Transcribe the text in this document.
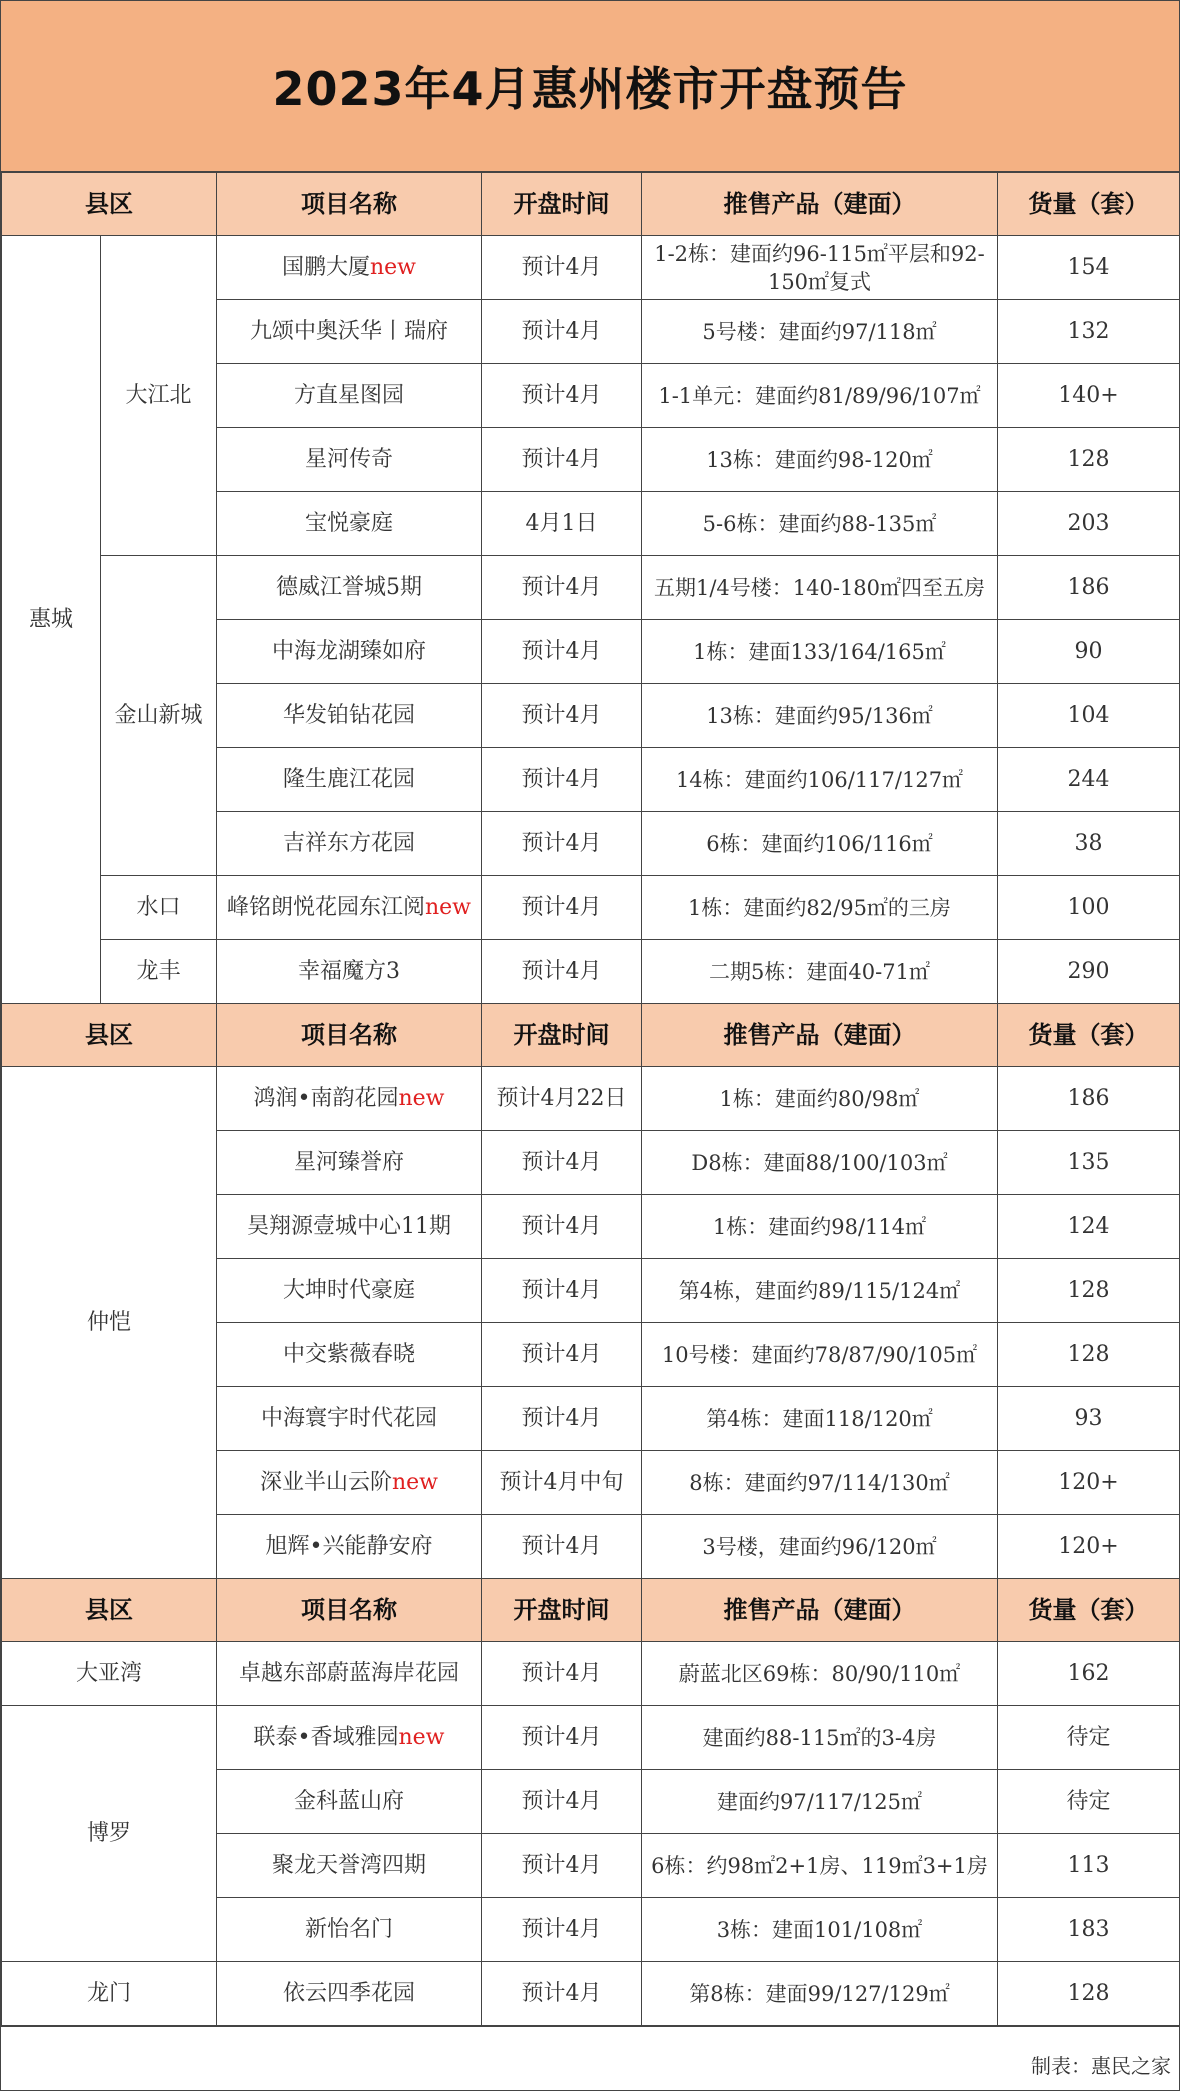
2023年4月惠州楼市开盘预告
县区		项目名称	开盘时间	推售产品（建面）	货量（套）
惠城	大江北	国鹏大厦new	预计4月	1-2栋：建面约96-115㎡平层和92-150㎡复式	154
		九颂中奥沃华丨瑞府	预计4月	5号楼：建面约97/118㎡	132
		方直星图园	预计4月	1-1单元：建面约81/89/96/107㎡	140+
		星河传奇	预计4月	13栋：建面约98-120㎡	128
		宝悦豪庭	4月1日	5-6栋：建面约88-135㎡	203
	金山新城	德威江誉城5期	预计4月	五期1/4号楼：140-180㎡四至五房	186
		中海龙湖臻如府	预计4月	1栋：建面133/164/165㎡	90
		华发铂钻花园	预计4月	13栋：建面约95/136㎡	104
		隆生鹿江花园	预计4月	14栋：建面约106/117/127㎡	244
		吉祥东方花园	预计4月	6栋：建面约106/116㎡	38
	水口	峰铭朗悦花园东江阅new	预计4月	1栋：建面约82/95㎡的三房	100
	龙丰	幸福魔方3	预计4月	二期5栋：建面40-71㎡	290
县区		项目名称	开盘时间	推售产品（建面）	货量（套）
仲恺		鸿润•南韵花园new	预计4月22日	1栋：建面约80/98㎡	186
		星河臻誉府	预计4月	D8栋：建面88/100/103㎡	135
		昊翔源壹城中心11期	预计4月	1栋：建面约98/114㎡	124
		大坤时代豪庭	预计4月	第4栋，建面约89/115/124㎡	128
		中交紫薇春晓	预计4月	10号楼：建面约78/87/90/105㎡	128
		中海寰宇时代花园	预计4月	第4栋：建面118/120㎡	93
		深业半山云阶new	预计4月中旬	8栋：建面约97/114/130㎡	120+
		旭辉•兴能静安府	预计4月	3号楼，建面约96/120㎡	120+
县区		项目名称	开盘时间	推售产品（建面）	货量（套）
大亚湾		卓越东部蔚蓝海岸花园	预计4月	蔚蓝北区69栋：80/90/110㎡	162
博罗		联泰•香域雅园new	预计4月	建面约88-115㎡的3-4房	待定
		金科蓝山府	预计4月	建面约97/117/125㎡	待定
		聚龙天誉湾四期	预计4月	6栋：约98㎡2+1房、119㎡3+1房	113
		新怡名门	预计4月	3栋：建面101/108㎡	183
龙门		依云四季花园	预计4月	第8栋：建面99/127/129㎡	128
制表：惠民之家
